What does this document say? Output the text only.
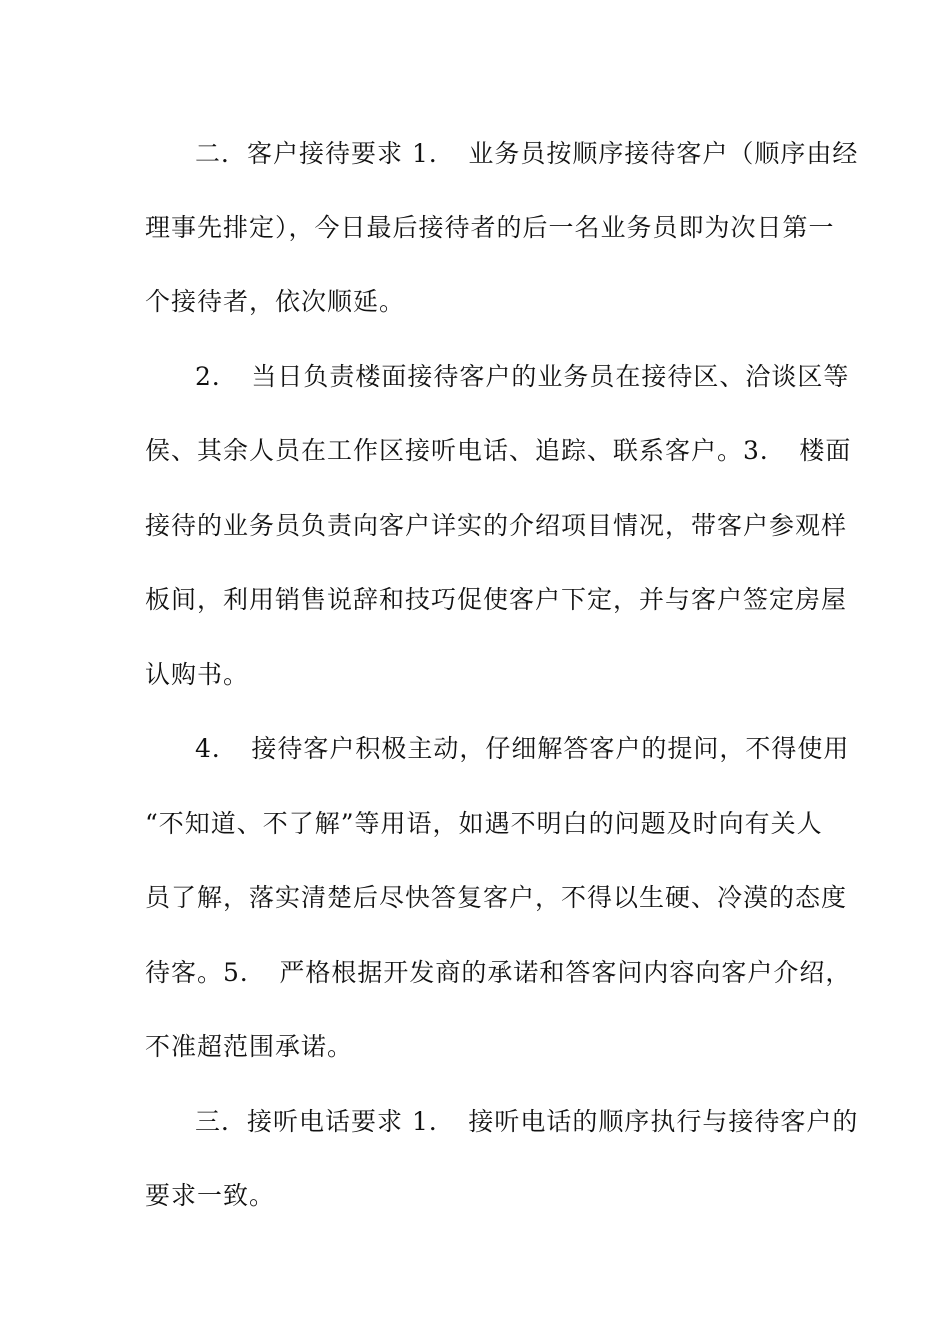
二．客户接待要求 1．　业务员按顺序接待客户（顺序由经
理事先排定），今日最后接待者的后一名业务员即为次日第一
个接待者，依次顺延。
2．　当日负责楼面接待客户的业务员在接待区、洽谈区等
侯、其余人员在工作区接听电话、追踪、联系客户。3．　楼面
接待的业务员负责向客户详实的介绍项目情况，带客户参观样
板间，利用销售说辞和技巧促使客户下定，并与客户签定房屋
认购书。
4．　接待客户积极主动，仔细解答客户的提问，不得使用
“不知道、不了解”等用语，如遇不明白的问题及时向有关人
员了解，落实清楚后尽快答复客户，不得以生硬、冷漠的态度
待客。5．　严格根据开发商的承诺和答客问内容向客户介绍，
不准超范围承诺。
三．接听电话要求 1．　接听电话的顺序执行与接待客户的
要求一致。
